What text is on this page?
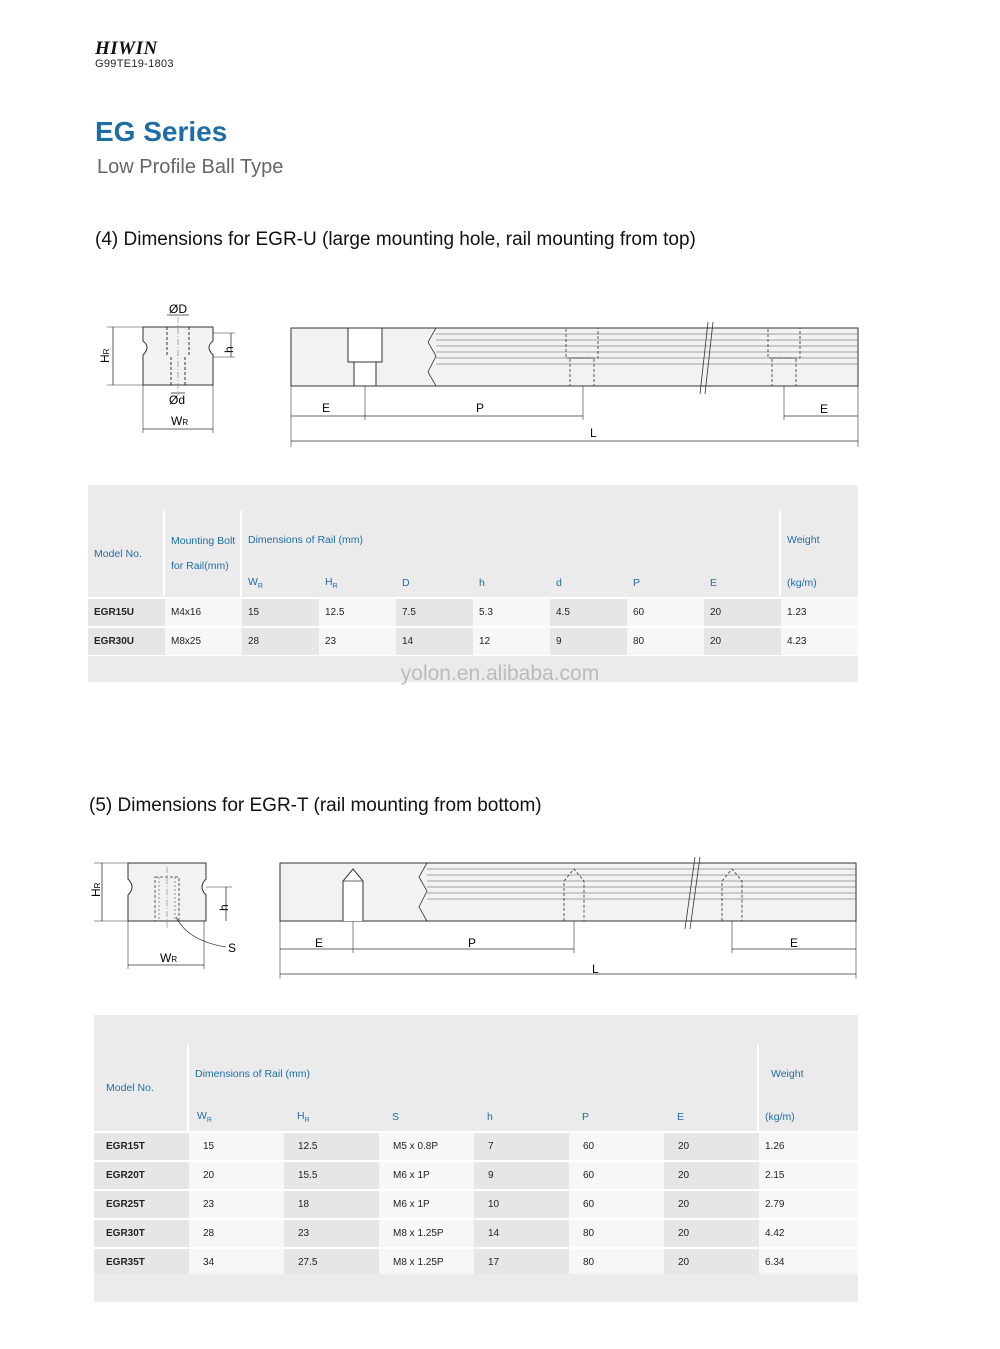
HIWIN
G99TE19-1803
EG Series
Low Profile Ball Type
(4) Dimensions for EGR-U (large mounting hole, rail mounting from top)
ØD
Ød
HR	h
WR
E	P	E
L
Model No.	Mounting Bolt
for Rail(mm)	Dimensions of Rail (mm)							Weight
		$W_R$	$H_R$	D	h	d	P	E	(kg/m)
EGR15U	M4x16	15	12.5	7.5	5.3	4.5	60	20	1.23
EGR30U	M8x25	28	23	14	12	9	80	20	4.23
yolon.en.alibaba.com
(5) Dimensions for EGR-T (rail mounting from bottom)
HR
h
S
WR
E	P	E
L
Model No.	Dimensions of Rail (mm)						Weight
	$W_R$	$H_R$	S	h	P	E	(kg/m)
EGR15T	15	12.5	M5 x 0.8P	7	60	20	1.26
EGR20T	20	15.5	M6 x 1P	9	60	20	2.15
EGR25T	23	18	M6 x 1P	10	60	20	2.79
EGR30T	28	23	M8 x 1.25P	14	80	20	4.42
EGR35T	34	27.5	M8 x 1.25P	17	80	20	6.34
